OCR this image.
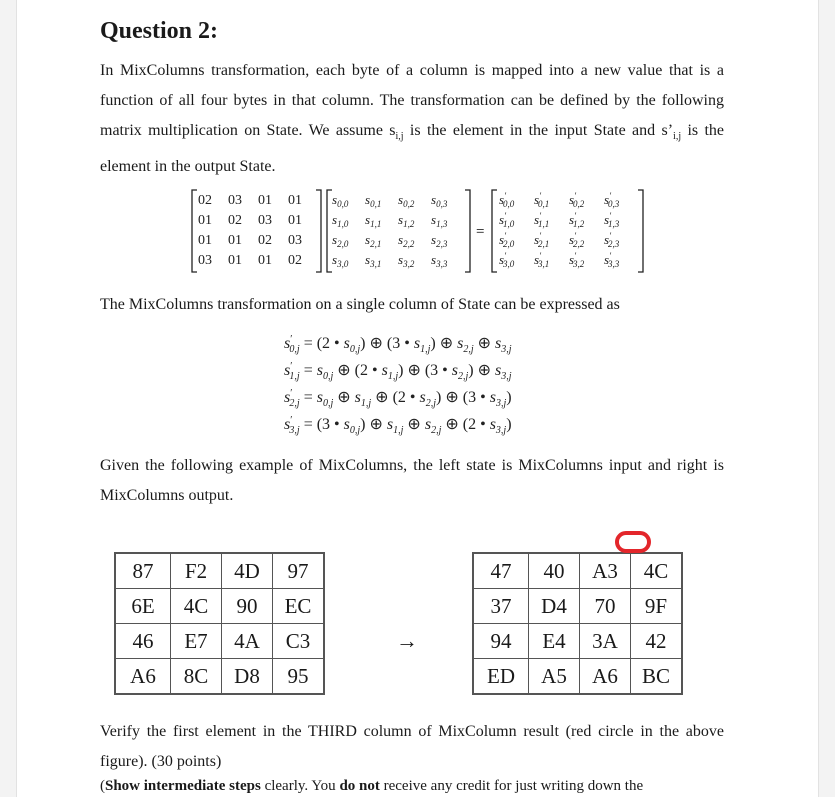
Question 2:

In MixColumns transformation, each byte of a column is mapped into a new value that is a function of all four bytes in that column. The transformation can be defined by the following matrix multiplication on State. We assume $s_{i,j}$ is the element in the input State and $s’_{i,j}$ is the element in the output State.

02 03 01 01
01 02 03 01
01 01 02 03
03 01 01 02
$s_{0,0}$ $s_{0,1}$ $s_{0,2}$ $s_{0,3}$
$s_{1,0}$ $s_{1,1}$ $s_{1,2}$ $s_{1,3}$
$s_{2,0}$ $s_{2,1}$ $s_{2,2}$ $s_{2,3}$
$s_{3,0}$ $s_{3,1}$ $s_{3,2}$ $s_{3,3}$
=
s′ 0,0 s′ 0,1 s′ 0,2 s′ 0,3
s′ 1,0 s′ 1,1 s′ 1,2 s′ 1,3
s′ 2,0 s′ 2,1 s′ 2,2 s′ 2,3
s′ 3,0 s′ 3,1 s′ 3,2 s′ 3,3

The MixColumns transformation on a single column of State can be expressed as

s′ 0,j = (2 • $s_{0,j}$) ⊕ (3 • $s_{1,j}$) ⊕ $s_{2,j}$ ⊕ $s_{3,j}$
s′ $1,j = s_{0,j}$ ⊕ (2 • $s_{1,j}$) ⊕ (3 • $s_{2,j}$) ⊕ $s_{3,j}$
s′ $2,j = s_{0,j}$ ⊕ $s_{1,j}$ ⊕ (2 • $s_{2,j}$) ⊕ (3 • $s_{3,j}$)
s′ 3,j = (3 • $s_{0,j}$) ⊕ $s_{1,j}$ ⊕ $s_{2,j}$ ⊕ (2 • $s_{3,j}$)

Given the following example of MixColumns, the left state is MixColumns input and right is MixColumns output.

87	F2	4D	97
6E	4C	90	EC
46	E7	4A	C3
A6	8C	D8	95
→
47	40	A3	4C
37	D4	70	9F
94	E4	3A	42
ED	A5	A6	BC

Verify the first element in the THIRD column of MixColumn result (red circle in the above figure). (30 points)

(Show intermediate steps clearly. You do not receive any credit for just writing down the
